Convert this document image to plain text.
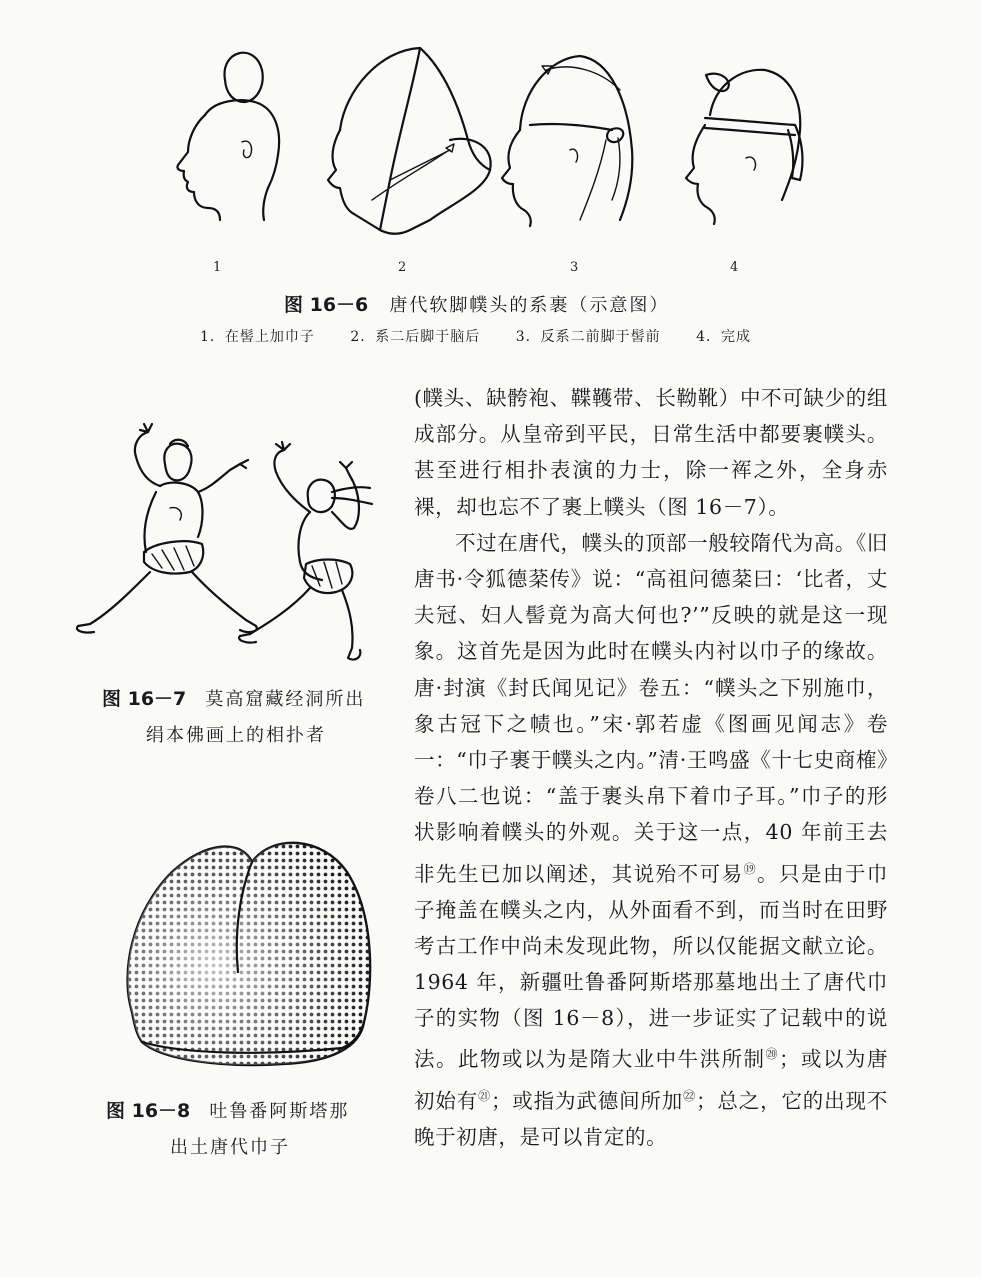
1	2	3	4
图 16－6 唐代软脚幞头的系裹（示意图）
1．在髻上加巾子	2．系二后脚于脑后	3．反系二前脚于髻前	4．完成
图 16－7 莫高窟藏经洞所出
绢本佛画上的相扑者
图 16－8 吐鲁番阿斯塔那
出土唐代巾子

(幞头、缺骻袍、鞢韄带、长靿靴）中不可缺少的组成部分。从皇帝到平民，日常生活中都要裹幞头。甚至进行相扑表演的力士，除一裈之外，全身赤裸，却也忘不了裹上幞头（图 16－7）。

不过在唐代，幞头的顶部一般较隋代为高。《旧唐书·令狐德棻传》说：“高祖问德棻曰：‘比者，丈夫冠、妇人髻竟为高大何也?’”反映的就是这一现象。这首先是因为此时在幞头内衬以巾子的缘故。唐·封演《封氏闻见记》卷五：“幞头之下别施巾，象古冠下之帻也。”宋·郭若虚《图画见闻志》卷一：“巾子裹于幞头之内。”清·王鸣盛《十七史商榷》卷八二也说：“盖于裹头帛下着巾子耳。”巾子的形状影响着幞头的外观。关于这一点，40 年前王去非先生已加以阐述，其说殆不可易⑲。只是由于巾子掩盖在幞头之内，从外面看不到，而当时在田野考古工作中尚未发现此物，所以仅能据文献立论。1964 年，新疆吐鲁番阿斯塔那墓地出土了唐代巾子的实物（图 16－8），进一步证实了记载中的说法。此物或以为是隋大业中牛洪所制⑳；或以为唐初始有$^㉑$；或指为武德间所加$^㉒$；总之，它的出现不晚于初唐，是可以肯定的。
